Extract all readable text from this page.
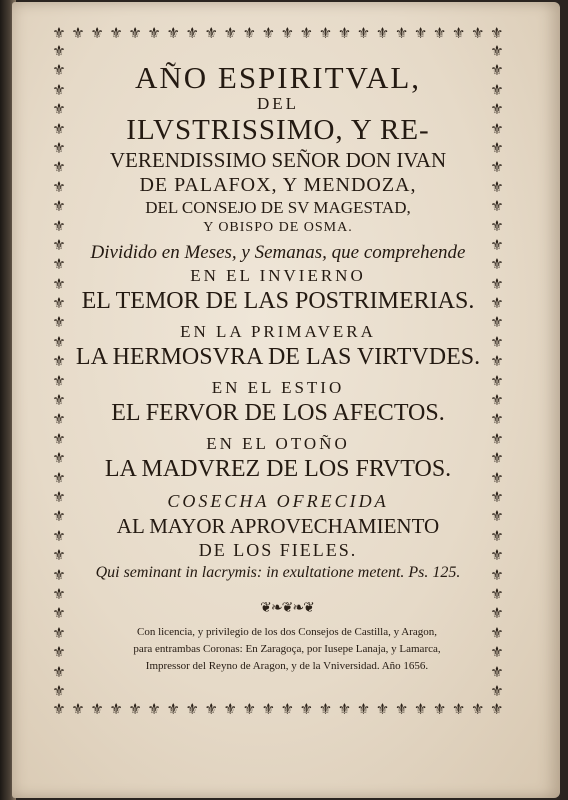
⚜ ⚜ ⚜ ⚜ ⚜ ⚜ ⚜ ⚜ ⚜ ⚜ ⚜ ⚜ ⚜ ⚜ ⚜ ⚜ ⚜ ⚜ ⚜ ⚜ ⚜ ⚜ ⚜ ⚜
⚜ ⚜ ⚜ ⚜ ⚜ ⚜ ⚜ ⚜ ⚜ ⚜ ⚜ ⚜ ⚜ ⚜ ⚜ ⚜ ⚜ ⚜ ⚜ ⚜ ⚜ ⚜ ⚜ ⚜
⚜
⚜
⚜
⚜
⚜
⚜
⚜
⚜
⚜
⚜
⚜
⚜
⚜
⚜
⚜
⚜
⚜
⚜
⚜
⚜
⚜
⚜
⚜
⚜
⚜
⚜
⚜
⚜
⚜
⚜
⚜
⚜
⚜
⚜
⚜
⚜
⚜
⚜
⚜
⚜
⚜
⚜
⚜
⚜
⚜
⚜
⚜
⚜
⚜
⚜
⚜
⚜
⚜
⚜
⚜
⚜
⚜
⚜
⚜
⚜
⚜
⚜
⚜
⚜
⚜
⚜
⚜
⚜
AÑO ESPIRITVAL,
DEL
ILVSTRISSIMO, Y RE-
VERENDISSIMO SEÑOR DON IVAN
DE PALAFOX, Y MENDOZA,
DEL CONSEJO DE SV MAGESTAD,
Y OBISPO DE OSMA.
Dividido en Meses, y Semanas, que comprehende
EN EL INVIERNO
EL TEMOR DE LAS POSTRIMERIAS.
EN LA PRIMAVERA
LA HERMOSVRA DE LAS VIRTVDES.
EN EL ESTIO
EL FERVOR DE LOS AFECTOS.
EN EL OTOÑO
LA MADVREZ DE LOS FRVTOS.
COSECHA OFRECIDA
AL MAYOR APROVECHAMIENTO
DE LOS FIELES.
Qui seminant in lacrymis: in exultatione metent. Ps. 125.
❦❧❦❧❦
Con licencia, y privilegio de los dos Consejos de Castilla, y Aragon,
para entrambas Coronas: En Zaragoça, por Iusepe Lanaja, y Lamarca,
Impressor del Reyno de Aragon, y de la Vniversidad. Año 1656.
